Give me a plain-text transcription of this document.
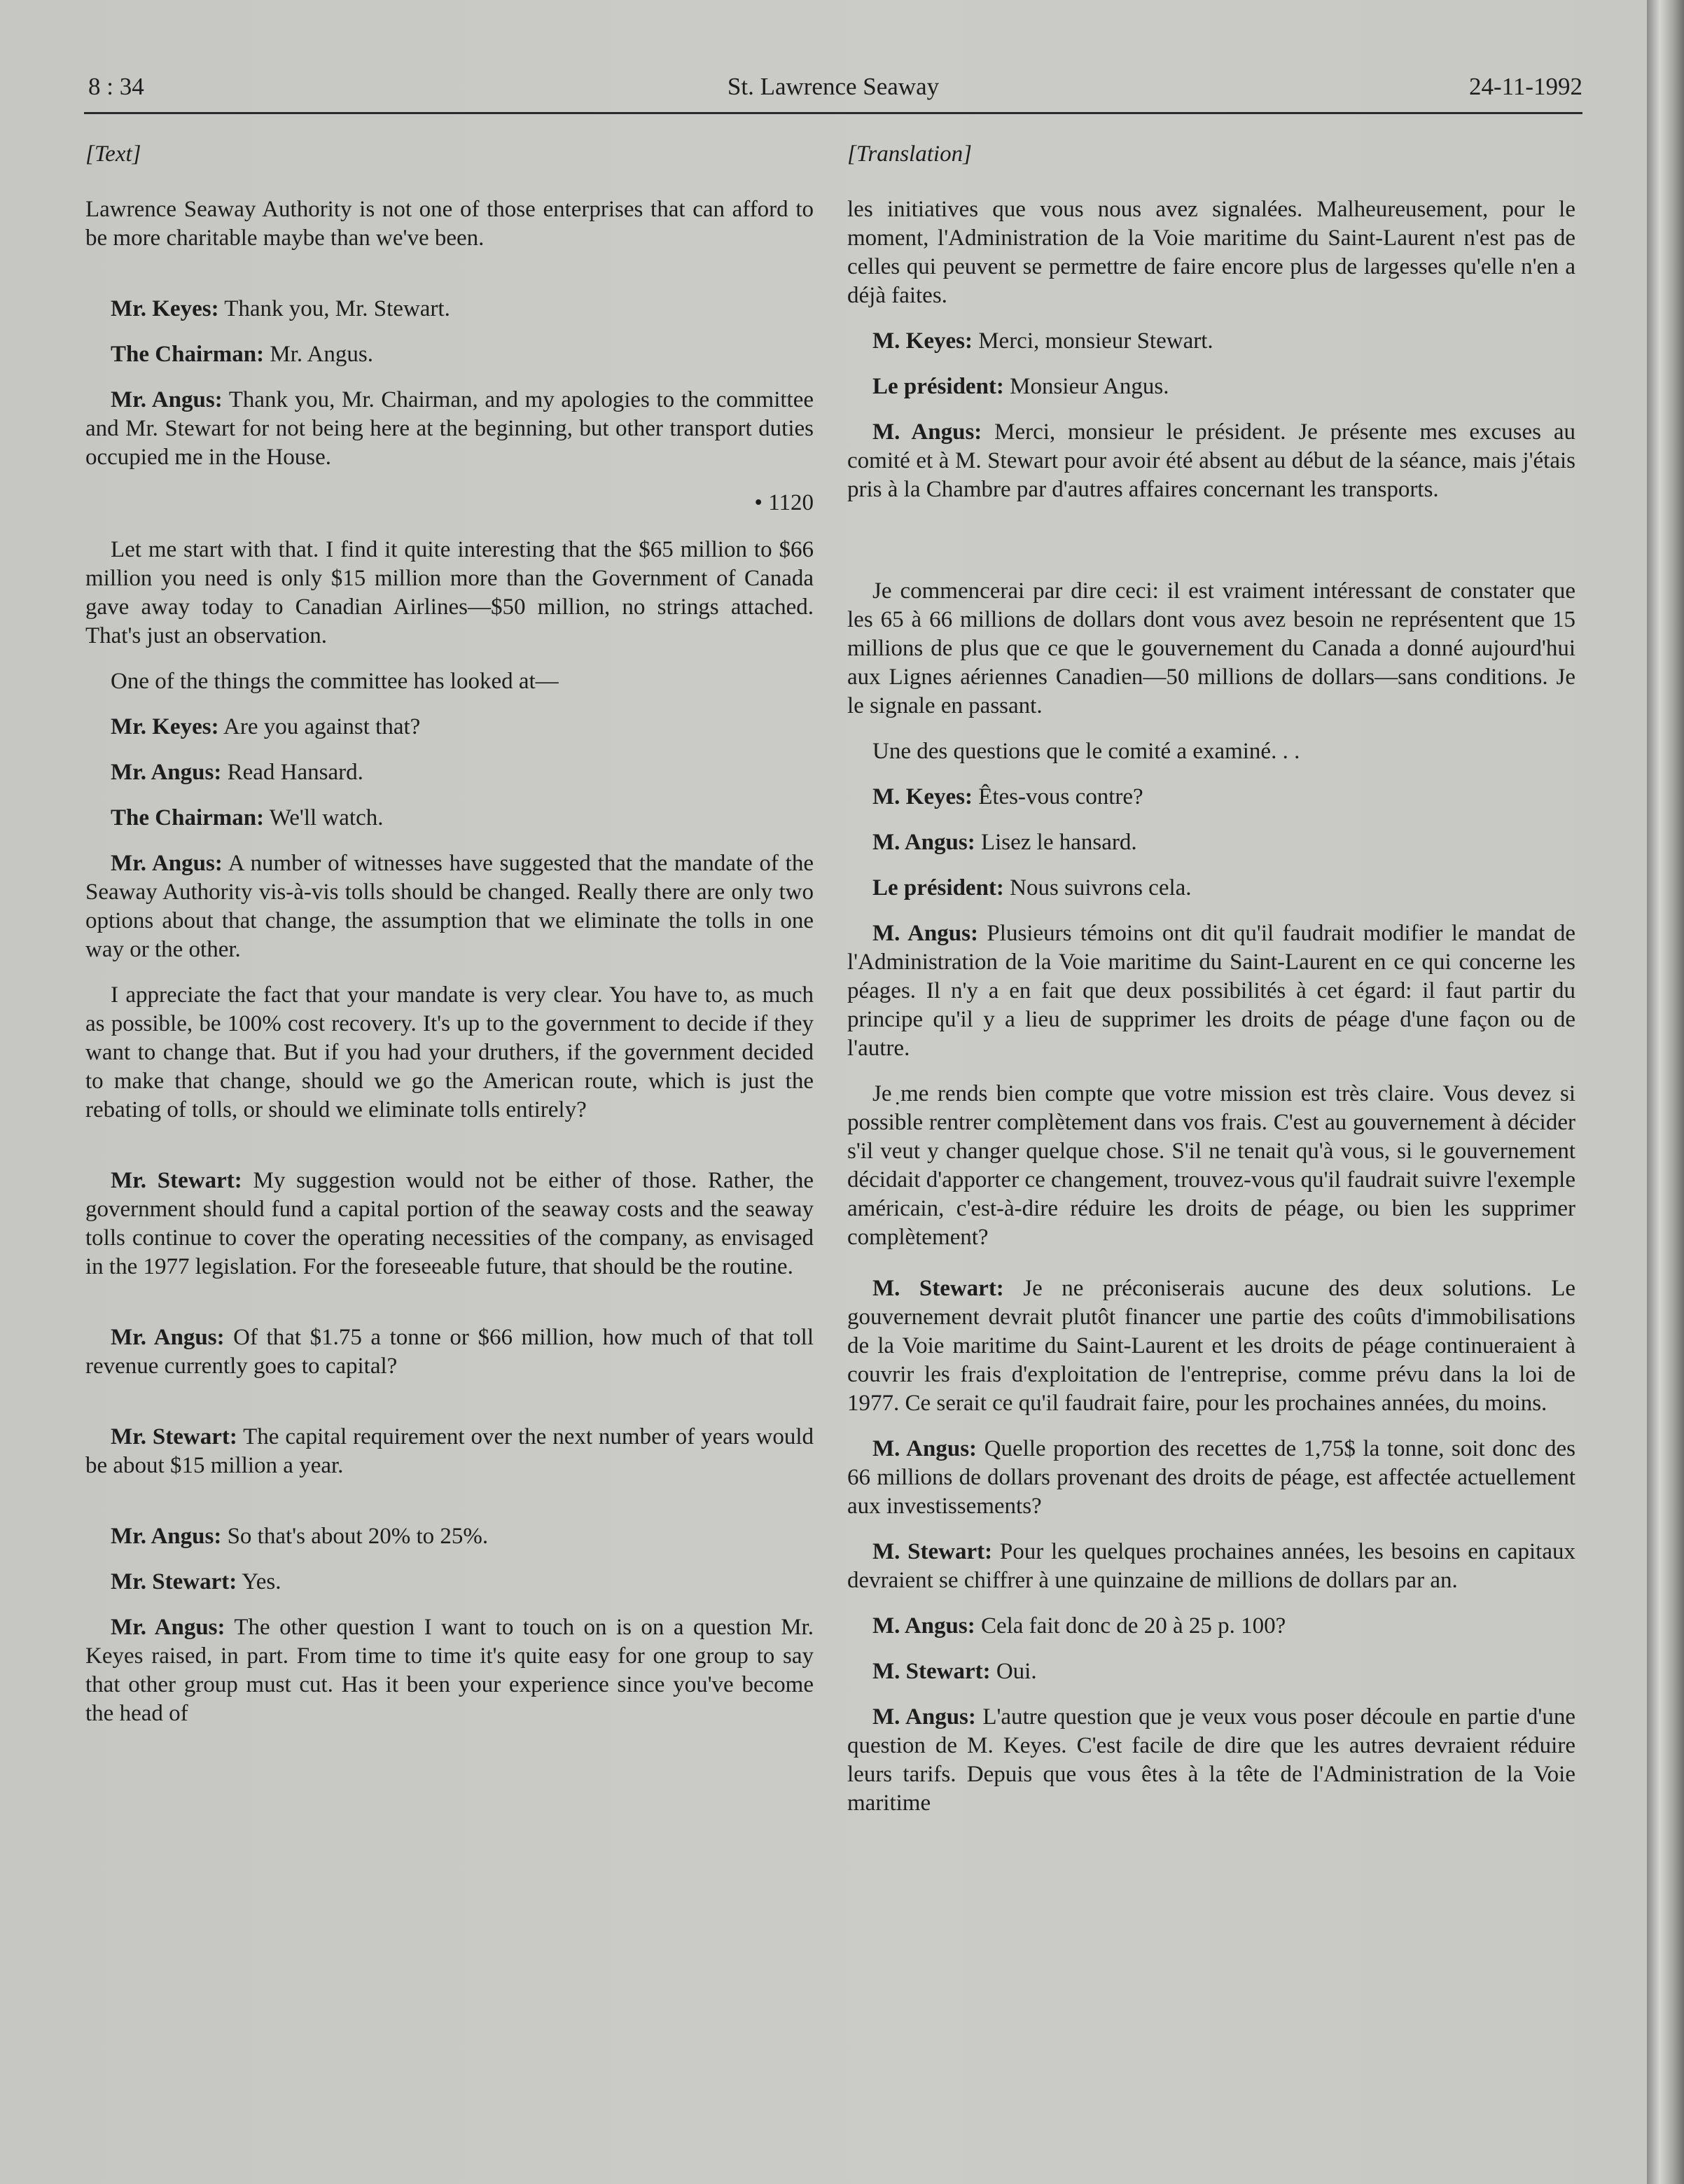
8 : 34	St. Lawrence Seaway	24-11-1992
[Text]

Lawrence Seaway Authority is not one of those enterprises that can afford to be more charitable maybe than we've been.

Mr. Keyes: Thank you, Mr. Stewart.

The Chairman: Mr. Angus.

Mr. Angus: Thank you, Mr. Chairman, and my apologies to the committee and Mr. Stewart for not being here at the beginning, but other transport duties occupied me in the House.

• 1120

Let me start with that. I find it quite interesting that the $65 million to $66 million you need is only $15 million more than the Government of Canada gave away today to Canadian Airlines—$50 million, no strings attached. That's just an observation.

One of the things the committee has looked at—

Mr. Keyes: Are you against that?

Mr. Angus: Read Hansard.

The Chairman: We'll watch.

Mr. Angus: A number of witnesses have suggested that the mandate of the Seaway Authority vis-à-vis tolls should be changed. Really there are only two options about that change, the assumption that we eliminate the tolls in one way or the other.

I appreciate the fact that your mandate is very clear. You have to, as much as possible, be 100% cost recovery. It's up to the government to decide if they want to change that. But if you had your druthers, if the government decided to make that change, should we go the American route, which is just the rebating of tolls, or should we eliminate tolls entirely?

Mr. Stewart: My suggestion would not be either of those. Rather, the government should fund a capital portion of the seaway costs and the seaway tolls continue to cover the operating necessities of the company, as envisaged in the 1977 legislation. For the foreseeable future, that should be the routine.

Mr. Angus: Of that $1.75 a tonne or $66 million, how much of that toll revenue currently goes to capital?

Mr. Stewart: The capital requirement over the next number of years would be about $15 million a year.

Mr. Angus: So that's about 20% to 25%.

Mr. Stewart: Yes.

Mr. Angus: The other question I want to touch on is on a question Mr. Keyes raised, in part. From time to time it's quite easy for one group to say that other group must cut. Has it been your experience since you've become the head of

[Translation]

les initiatives que vous nous avez signalées. Malheureusement, pour le moment, l'Administration de la Voie maritime du Saint-Laurent n'est pas de celles qui peuvent se permettre de faire encore plus de largesses qu'elle n'en a déjà faites.

M. Keyes: Merci, monsieur Stewart.

Le président: Monsieur Angus.

M. Angus: Merci, monsieur le président. Je présente mes excuses au comité et à M. Stewart pour avoir été absent au début de la séance, mais j'étais pris à la Chambre par d'autres affaires concernant les transports.

Je commencerai par dire ceci: il est vraiment intéressant de constater que les 65 à 66 millions de dollars dont vous avez besoin ne représentent que 15 millions de plus que ce que le gouvernement du Canada a donné aujourd'hui aux Lignes aériennes Canadien—50 millions de dollars—sans conditions. Je le signale en passant.

Une des questions que le comité a examiné. . .

M. Keyes: Êtes-vous contre?

M. Angus: Lisez le hansard.

Le président: Nous suivrons cela.

M. Angus: Plusieurs témoins ont dit qu'il faudrait modifier le mandat de l'Administration de la Voie maritime du Saint-Laurent en ce qui concerne les péages. Il n'y a en fait que deux possibilités à cet égard: il faut partir du principe qu'il y a lieu de supprimer les droits de péage d'une façon ou de l'autre.

Je ̣me rends bien compte que votre mission est très claire. Vous devez si possible rentrer complètement dans vos frais. C'est au gouvernement à décider s'il veut y changer quelque chose. S'il ne tenait qu'à vous, si le gouvernement décidait d'apporter ce changement, trouvez-vous qu'il faudrait suivre l'exemple américain, c'est-à-dire réduire les droits de péage, ou bien les supprimer complètement?

M. Stewart: Je ne préconiserais aucune des deux solutions. Le gouvernement devrait plutôt financer une partie des coûts d'immobilisations de la Voie maritime du Saint-Laurent et les droits de péage continueraient à couvrir les frais d'exploitation de l'entreprise, comme prévu dans la loi de 1977. Ce serait ce qu'il faudrait faire, pour les prochaines années, du moins.

M. Angus: Quelle proportion des recettes de 1,75$ la tonne, soit donc des 66 millions de dollars provenant des droits de péage, est affectée actuellement aux investissements?

M. Stewart: Pour les quelques prochaines années, les besoins en capitaux devraient se chiffrer à une quinzaine de millions de dollars par an.

M. Angus: Cela fait donc de 20 à 25 p. 100?

M. Stewart: Oui.

M. Angus: L'autre question que je veux vous poser découle en partie d'une question de M. Keyes. C'est facile de dire que les autres devraient réduire leurs tarifs. Depuis que vous êtes à la tête de l'Administration de la Voie maritime
